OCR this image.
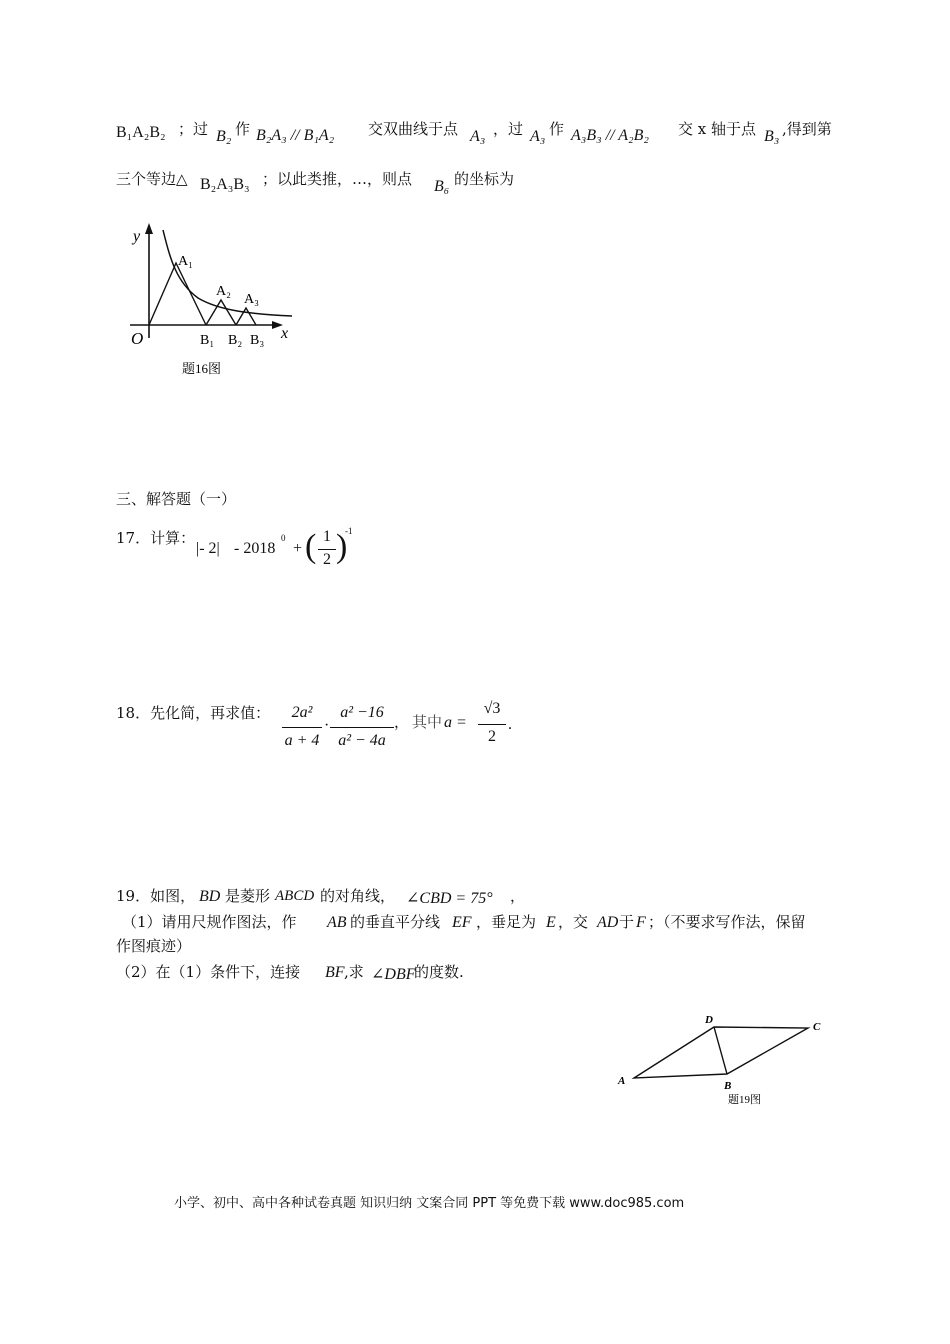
B₁A₂B₂ ；过 B₂ 作 B₂A₃ // B₁A₂ 交双曲线于点 A₃ ，过 A₃ 作 A₃B₃ // A₂B₂ 交 x 轴于点 B₃ ,得到第
三个等边△ B₂A₃B₃ ；以此类推，…，则点 B₆ 的坐标为
y
x
O
A₁
A₂
A₃
B₁ B₂ B₃
题16图
三、解答题（一）
17．计算：
|- 2| - 2018
0
+ ( 1
2 )
-1
18．先化简，再求值：	2a²
a + 4
·
a² −16
a² − 4a
， 其中 a =
√3
2
.
19．如图， BD 是菱形 ABCD 的对角线， ∠CBD = 75° ，
（1）请用尺规作图法，作 AB 的垂直平分线 EF ，垂足为 E ，交 AD 于 F ；（不要求写作法，保留
作图痕迹）
（2）在（1）条件下，连接 BF ,求 ∠DBF
的度数.
A	B
C
D
题19图
小学、初中、高中各种试卷真题 知识归纳 文案合同 PPT 等免费下载 www.doc985.com
